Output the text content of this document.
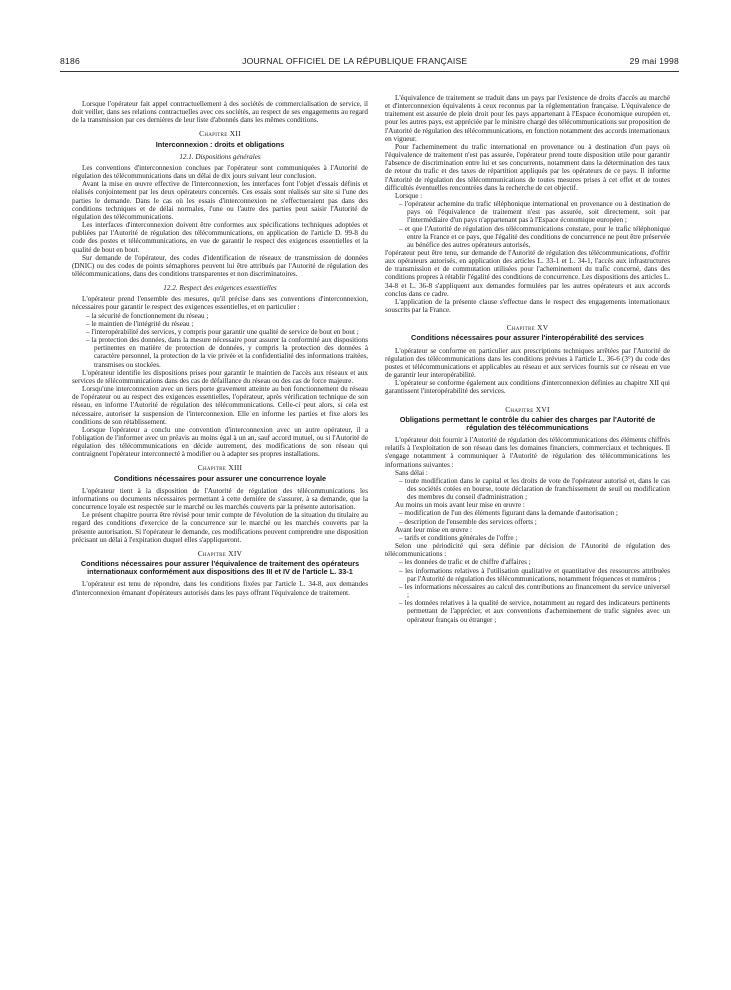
8186	JOURNAL OFFICIEL DE LA RÉPUBLIQUE FRANÇAISE	29 mai 1998

Lorsque l'opérateur fait appel contractuellement à des sociétés de commercialisation de service, il doit veiller, dans ses relations contractuelles avec ces sociétés, au respect de ses engagements au regard de la transmission par ces dernières de leur liste d'abonnés dans les mêmes conditions.

Chapitre XII
Interconnexion : droits et obligations
12.1. Dispositions générales

Les conventions d'interconnexion conclues par l'opérateur sont communiquées à l'Autorité de régulation des télécommunications dans un délai de dix jours suivant leur conclusion.

Avant la mise en œuvre effective de l'interconnexion, les interfaces font l'objet d'essais définis et réalisés conjointement par les deux opérateurs concernés. Ces essais sont réalisés sur site si l'une des parties le demande. Dans le cas où les essais d'interconnexion ne s'effectueraient pas dans des conditions techniques et de délai normales, l'une ou l'autre des parties peut saisir l'Autorité de régulation des télécommunications.

Les interfaces d'interconnexion doivent être conformes aux spécifications techniques adoptées et publiées par l'Autorité de régulation des télécommunications, en application de l'article D. 99-8 du code des postes et télécommunications, en vue de garantir le respect des exigences essentielles et la qualité de bout en bout.

Sur demande de l'opérateur, des codes d'identification de réseaux de transmission de données (DNIC) ou des codes de points sémaphores peuvent lui être attribués par l'Autorité de régulation des télécommunications, dans des conditions transparentes et non discriminatoires.

12.2. Respect des exigences essentielles

L'opérateur prend l'ensemble des mesures, qu'il précise dans ses conventions d'interconnexion, nécessaires pour garantir le respect des exigences essentielles, et en particulier :

– la sécurité de fonctionnement du réseau ;
– le maintien de l'intégrité du réseau ;
– l'interopérabilité des services, y compris pour garantir une qualité de service de bout en bout ;
– la protection des données, dans la mesure nécessaire pour assurer la conformité aux dispositions pertinentes en matière de protection de données, y compris la protection des données à caractère personnel, la protection de la vie privée et la confidentialité des informations traitées, transmises ou stockées.

L'opérateur identifie les dispositions prises pour garantir le maintien de l'accès aux réseaux et aux services de télécommunications dans des cas de défaillance du réseau ou des cas de force majeure.

Lorsqu'une interconnexion avec un tiers porte gravement atteinte au bon fonctionnement du réseau de l'opérateur ou au respect des exigences essentielles, l'opérateur, après vérification technique de son réseau, en informe l'Autorité de régulation des télécommunications. Celle-ci peut alors, si cela est nécessaire, autoriser la suspension de l'interconnexion. Elle en informe les parties et fixe alors les conditions de son rétablissement.

Lorsque l'opérateur a conclu une convention d'interconnexion avec un autre opérateur, il a l'obligation de l'informer avec un préavis au moins égal à un an, sauf accord mutuel, ou si l'Autorité de régulation des télécommunications en décide autrement, des modifications de son réseau qui contraignent l'opérateur interconnecté à modifier ou à adapter ses propres installations.

Chapitre XIII
Conditions nécessaires pour assurer une concurrence loyale

L'opérateur tient à la disposition de l'Autorité de régulation des télécommunications les informations ou documents nécessaires permettant à cette dernière de s'assurer, à sa demande, que la concurrence loyale est respectée sur le marché ou les marchés couverts par la présente autorisation.

Le présent chapitre pourra être révisé pour tenir compte de l'évolution de la situation du titulaire au regard des conditions d'exercice de la concurrence sur le marché ou les marchés couverts par la présente autorisation. Si l'opérateur le demande, ces modifications peuvent comprendre une disposition précisant un délai à l'expiration duquel elles s'appliqueront.

Chapitre XIV
Conditions nécessaires pour assurer l'équivalence de traitement des opérateurs internationaux conformément aux dispositions des III et IV de l'article L. 33-1

L'opérateur est tenu de répondre, dans les conditions fixées par l'article L. 34-8, aux demandes d'interconnexion émanant d'opérateurs autorisés dans les pays offrant l'équivalence de traitement.

L'équivalence de traitement se traduit dans un pays par l'existence de droits d'accès au marché et d'interconnexion équivalents à ceux reconnus par la réglementation française. L'équivalence de traitement est assurée de plein droit pour les pays appartenant à l'Espace économique européen et, pour les autres pays, est appréciée par le ministre chargé des télécommunications sur proposition de l'Autorité de régulation des télécommunications, en fonction notamment des accords internationaux en vigueur.

Pour l'acheminement du trafic international en provenance ou à destination d'un pays où l'équivalence de traitement n'est pas assurée, l'opérateur prend toute disposition utile pour garantir l'absence de discrimination entre lui et ses concurrents, notamment dans la détermination des taux de retour du trafic et des taxes de répartition appliqués par les opérateurs de ce pays. Il informe l'Autorité de régulation des télécommunications de toutes mesures prises à cet effet et de toutes difficultés éventuelles rencontrées dans la recherche de cet objectif.

Lorsque :

– l'opérateur achemine du trafic téléphonique international en provenance ou à destination de pays où l'équivalence de traitement n'est pas assurée, soit directement, soit par l'intermédiaire d'un pays n'appartenant pas à l'Espace économique européen ;
– et que l'Autorité de régulation des télécommunications constate, pour le trafic téléphonique entre la France et ce pays, que l'égalité des conditions de concurrence ne peut être préservée au bénéfice des autres opérateurs autorisés,

l'opérateur peut être tenu, sur demande de l'Autorité de régulation des télécommunications, d'offrir aux opérateurs autorisés, en application des articles L. 33-1 et L. 34-1, l'accès aux infrastructures de transmission et de commutation utilisées pour l'acheminement du trafic concerné, dans des conditions propres à rétablir l'égalité des conditions de concurrence. Les dispositions des articles L. 34-8 et L. 36-8 s'appliquent aux demandes formulées par les autres opérateurs et aux accords conclus dans ce cadre.

L'application de la présente clause s'effectue dans le respect des engagements internationaux souscrits par la France.

Chapitre XV
Conditions nécessaires pour assurer l'interopérabilité des services

L'opérateur se conforme en particulier aux prescriptions techniques arrêtées par l'Autorité de régulation des télécommunications dans les conditions prévues à l'article L. 36-6 (3°) du code des postes et télécommunications et applicables au réseau et aux services fournis sur ce réseau en vue de garantir leur interopérabilité.

L'opérateur se conforme également aux conditions d'interconnexion définies au chapitre XII qui garantissent l'interopérabilité des services.

Chapitre XVI
Obligations permettant le contrôle du cahier des charges par l'Autorité de régulation des télécommunications

L'opérateur doit fournir à l'Autorité de régulation des télécommunications des éléments chiffrés relatifs à l'exploitation de son réseau dans les domaines financiers, commerciaux et techniques. Il s'engage notamment à communiquer à l'Autorité de régulation des télécommunications les informations suivantes :

Sans délai :

– toute modification dans le capital et les droits de vote de l'opérateur autorisé et, dans le cas des sociétés cotées en bourse, toute déclaration de franchissement de seuil ou modification des membres du conseil d'administration ;

Au moins un mois avant leur mise en œuvre :

– modification de l'un des éléments figurant dans la demande d'autorisation ;
– description de l'ensemble des services offerts ;

Avant leur mise en œuvre :

– tarifs et conditions générales de l'offre ;

Selon une périodicité qui sera définie par décision de l'Autorité de régulation des télécommunications :

– les données de trafic et de chiffre d'affaires ;
– les informations relatives à l'utilisation qualitative et quantitative des ressources attribuées par l'Autorité de régulation des télécommunications, notamment fréquences et numéros ;
– les informations nécessaires au calcul des contributions au financement du service universel ;
– les données relatives à la qualité de service, notamment au regard des indicateurs pertinents permettant de l'apprécier, et aux conventions d'acheminement de trafic signées avec un opérateur français ou étranger ;
